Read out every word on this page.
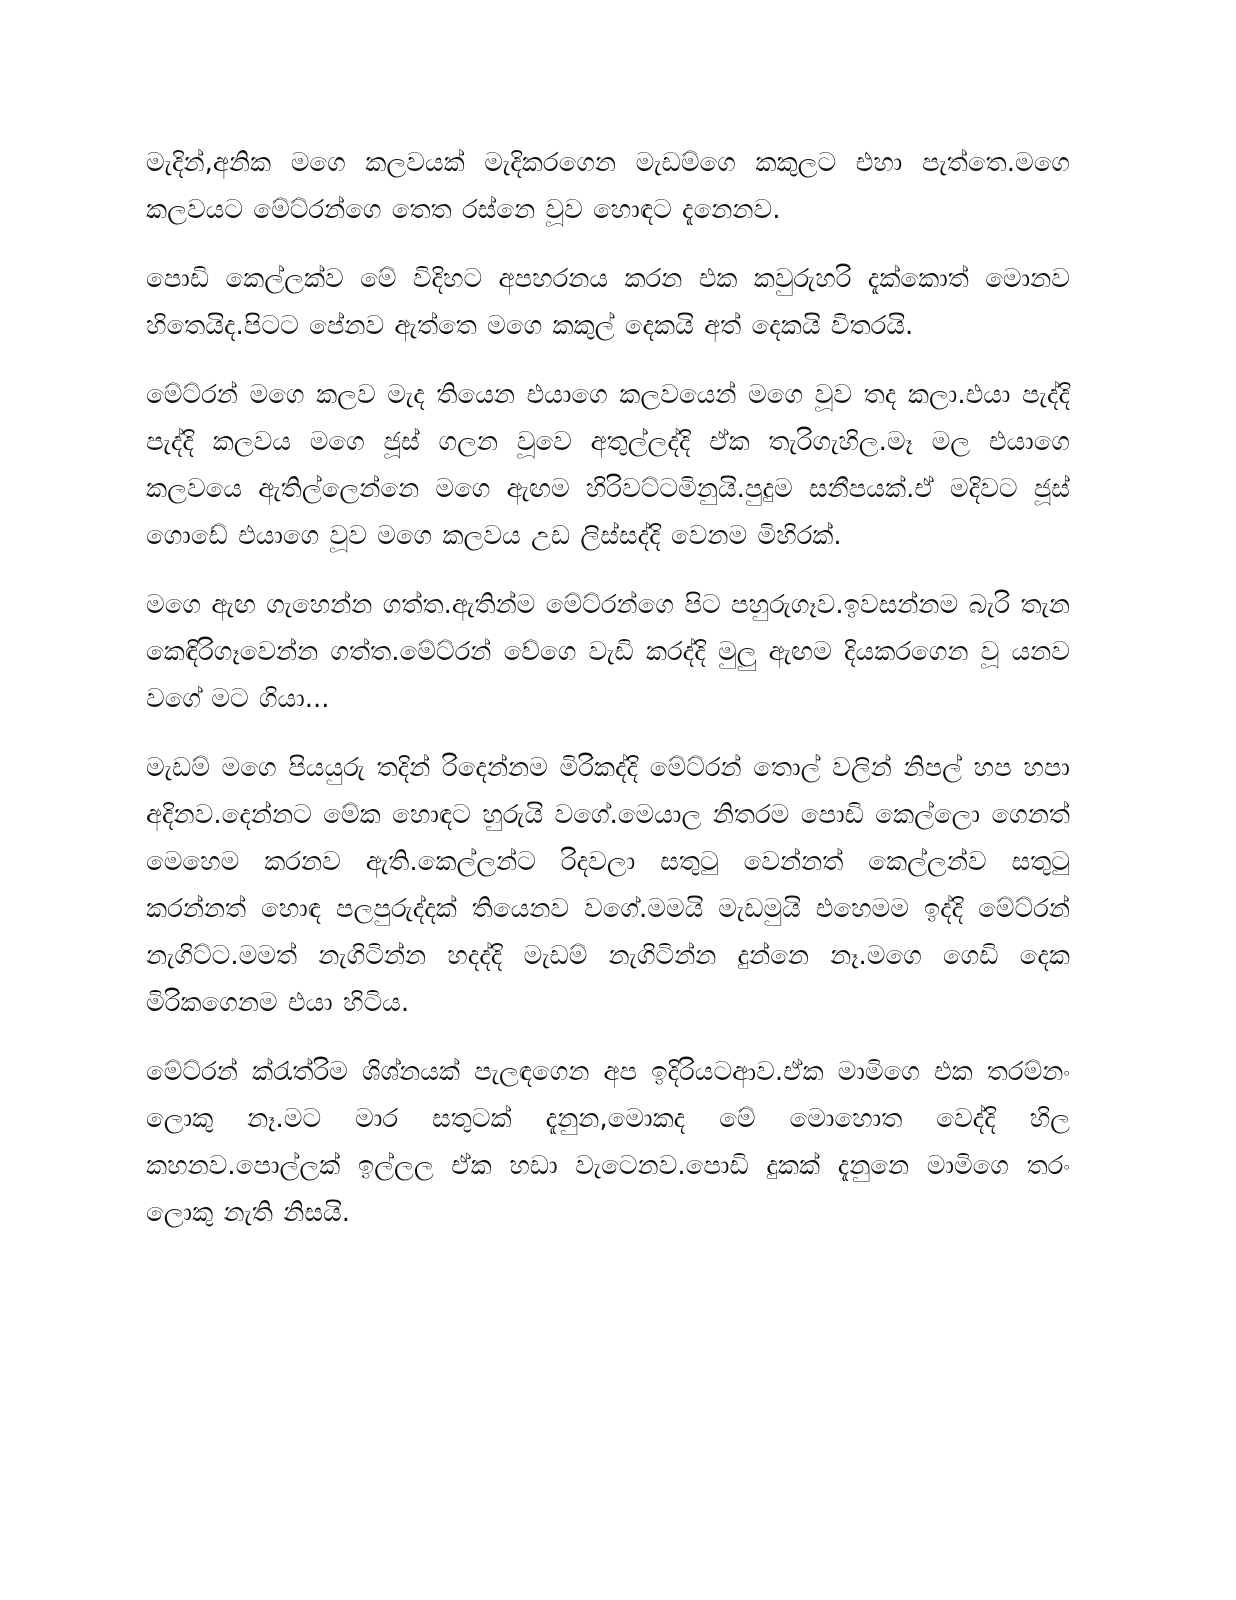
මැදින්,අනික මගෙ කලවයක් මැදිකරගෙන මැඩම්ගෙ කකුලට එහා පැත්තෙ.මගෙ කලවයට මේට්රන්ගෙ තෙත රස්නෙ වූව හොඳට දැනෙනව.

පොඩි කෙල්ලක්ව මේ විදිහට අපහරනය කරන එක කවුරුහරි දැක්කොත් මොනව හිතෙයිද.පිටට පේනව ඇත්තෙ මගෙ කකුල් දෙකයි අත් දෙකයි විතරයි.

මේට්රන් මගෙ කලව මැද තියෙන එයාගෙ කලවයෙන් මගෙ වූව තද කලා.එයා පැද්දි පැද්දි කලවය මගෙ ජූස් ගලන වූවෙ අතුල්ලද්දි ඒක තැරිගැහිල.මෑ මල එයාගෙ කලවයෙ ඇතිල්ලෙන්නෙ මගෙ ඇඟම හිරිවට්ටමිනුයි.පුදුම සනීපයක්.ඒ මදිවට ජූස් ගොඩේ එයාගෙ වූව මගෙ කලවය උඩ ලිස්සද්දි වෙනම මිහිරක්.

මගෙ ඇඟ ගැහෙන්න ගත්ත.ඇතින්ම මේට්රන්ගෙ පිට පහුරුගෑව.ඉවසන්නම බැරි තැන කෙඳිරිගෑවෙන්න ගත්ත.මේට්රන් වේගෙ වැඩි කරද්දි මුලු ඇඟම දියකරගෙන වූ යනව වගේ මට ගියා...

මැඩම් මගෙ පියයුරු තදින් රිදෙන්නම මිරිකද්දි මේට්රන් තොල් වලින් නිපල් හප හපා අදිනව.දෙන්නට මේක හොඳට හුරුයි වගේ.මෙයාල නිතරම පොඩි කෙල්ලො ගෙනත් මෙහෙම කරනව ඇති.කෙල්ලන්ට රිදවලා සතුටු වෙන්නත් කෙල්ලන්ව සතුටු කරන්නත් හොඳ පලපුරුද්දක් තියෙනව වගේ.මමයි මැඩමුයි එහෙමම ඉද්දි මේට්රන් නැගිට්ට.මමත් නැගිටින්න හදද්දි මැඩම් නැගිටින්න දුන්නෙ නෑ.මගෙ ගෙඩි දෙක මිරිකගෙනම එයා හිටිය.

මේට්රන් ක්රැත්රිම ශිශ්නයක් පැලඳගෙන අප ඉදිරියටආව.ඒක මාමිගෙ එක තරම්නං ලොකු නෑ.මට මාර සතුටක් දැනුන,මොකද මේ මොහොත වෙද්දි හිල කහනව.පොල්ලක් ඉල්ලල ඒක හඩා වැටෙනව.පොඩි දුකක් දැනුනෙ මාමිගෙ තරං ලොකු නැති නිසයි.
